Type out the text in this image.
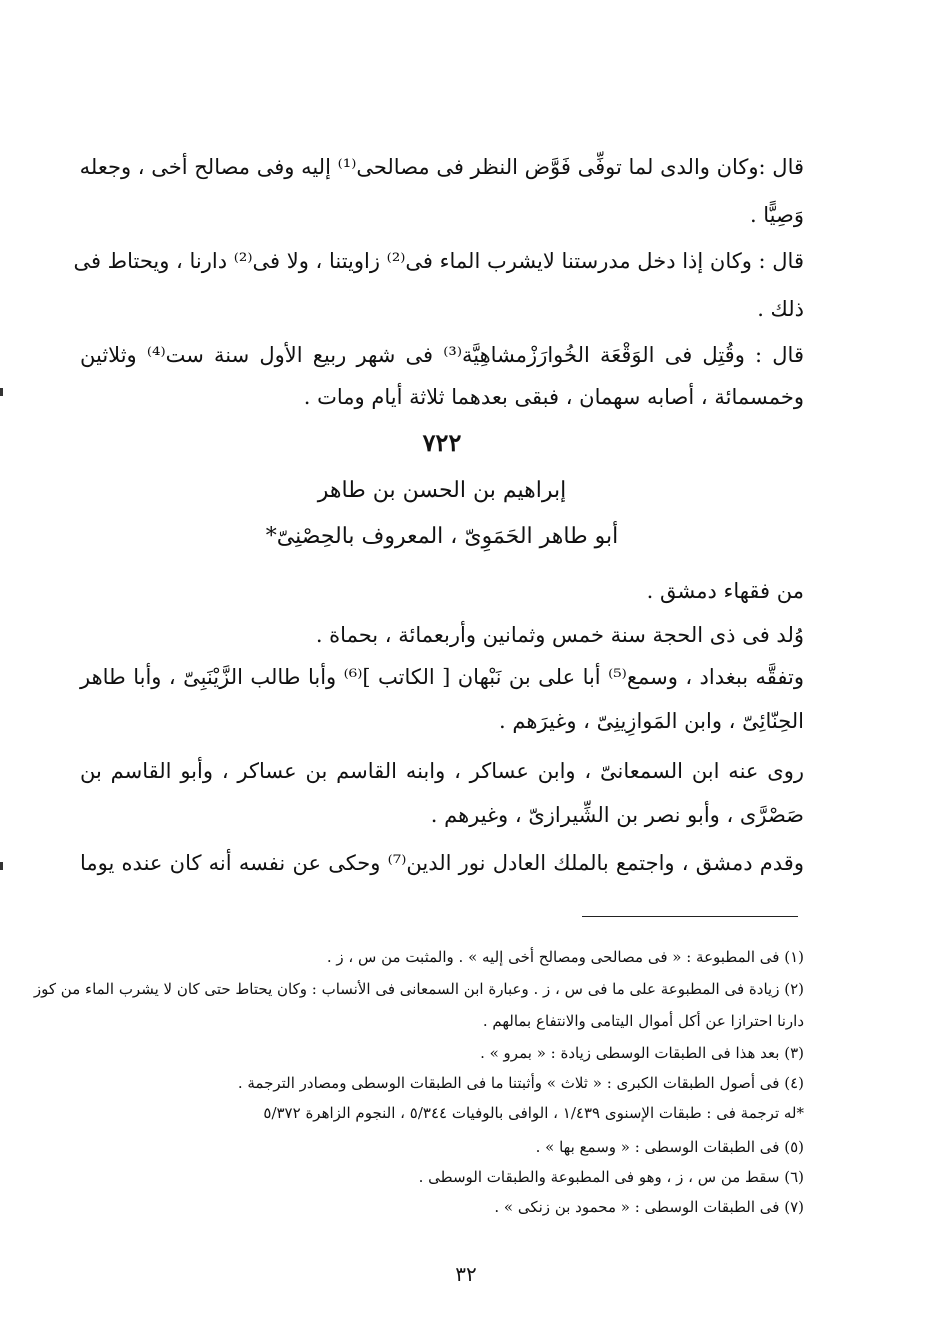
قال :وكان والدى لما توفِّى فَوَّض النظر فى مصالحى⁽¹⁾ إليه وفى مصالح أخى ، وجعله
وَصِيًّا .
قال : وكان إذا دخل مدرستنا لايشرب الماء فى⁽²⁾ زاويتنا ، ولا فى⁽²⁾ دارنا ، ويحتاط فى
ذلك .
قال : وقُتِل فى الوَقْعَة الخُوارَزْمشاهِيَّة⁽³⁾ فى شهر ربيع الأول سنة ست⁽⁴⁾ وثلاثين
وخمسمائة ، أصابه سهمان ، فبقى بعدهما ثلاثة أيام ومات .
٧٢٢
إبراهيم بن الحسن بن طاهر
أبو طاهر الحَمَوِىّ ، المعروف بالحِصْنِىّ*
من فقهاء دمشق .
وُلد فى ذى الحجة سنة خمس وثمانين وأربعمائة ، بحماة .
وتفقَّه ببغداد ، وسمع⁽⁵⁾ أبا على بن نَبْهان [ الكاتب ]⁽⁶⁾ وأبا طالب الزَّيْنَبِىّ ، وأبا طاهر
الحِنّائِىّ ، وابن المَوازِينِىّ ، وغيرَهم .
روى عنه ابن السمعانىّ ، وابن عساكر ، وابنه القاسم بن عساكر ، وأبو القاسم بن
صَصْرَّى ، وأبو نصر بن الشِّيرازىّ ، وغيرهم .
وقدم دمشق ، واجتمع بالملك العادل نور الدين⁽⁷⁾ وحكى عن نفسه أنه كان عنده يوما
(١) فى المطبوعة : « فى مصالحى ومصالح أخى إليه » . والمثبت من س ، ز .
(٢) زيادة فى المطبوعة على ما فى س ، ز . وعبارة ابن السمعانى فى الأنساب : وكان يحتاط حتى كان لا يشرب الماء من كوز
دارنا احترازا عن أكل أموال اليتامى والانتفاع بمالهم .
(٣) بعد هذا فى الطبقات الوسطى زيادة : « بمرو » .
(٤) فى أصول الطبقات الكبرى : « ثلاث » وأثبتنا ما فى الطبقات الوسطى ومصادر الترجمة .
*له ترجمة فى : طبقات الإسنوى ١/٤٣٩ ، الوافى بالوفيات ٥/٣٤٤ ، النجوم الزاهرة ٥/٣٧٢
(٥) فى الطبقات الوسطى : « وسمع بها » .
(٦) سقط من س ، ز ، وهو فى المطبوعة والطبقات الوسطى .
(٧) فى الطبقات الوسطى : « محمود بن زنكى » .
٣٢
